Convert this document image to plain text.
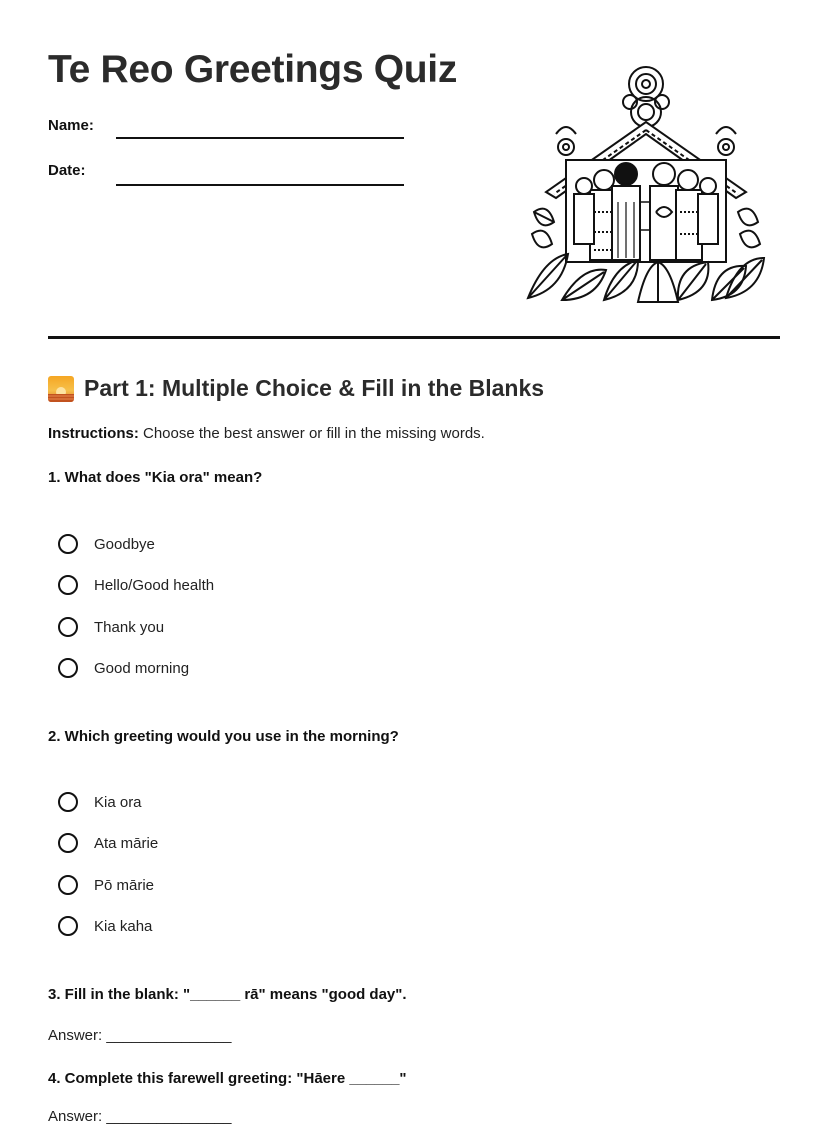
Te Reo Greetings Quiz
Name:
Date:
Part 1: Multiple Choice & Fill in the Blanks
Instructions: Choose the best answer or fill in the missing words.
1. What does "Kia ora" mean?
Goodbye
Hello/Good health
Thank you
Good morning
2. Which greeting would you use in the morning?
Kia ora
Ata mārie
Pō mārie
Kia kaha
3. Fill in the blank: "______ rā" means "good day".
Answer: _______________
4. Complete this farewell greeting: "Hāere ______"
Answer: _______________
